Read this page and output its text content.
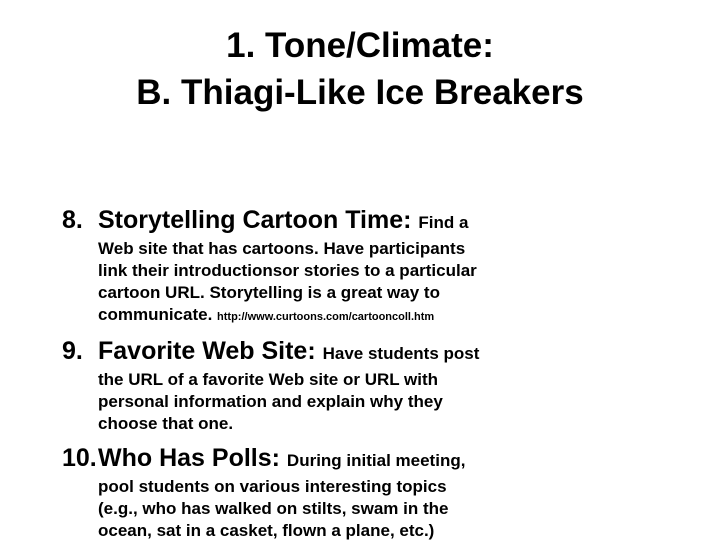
1. Tone/Climate:
B. Thiagi-Like Ice Breakers
8. Storytelling Cartoon Time: Find a
Web site that has cartoons. Have participants
link their introductionsor stories to a particular
cartoon URL. Storytelling is a great way to
communicate. http://www.curtoons.com/cartooncoll.htm
9. Favorite Web Site: Have students post
the URL of a favorite Web site or URL with
personal information and explain why they
choose that one.
10. Who Has Polls: During initial meeting,
pool students on various interesting topics
(e.g., who has walked on stilts, swam in the
ocean, sat in a casket, flown a plane, etc.)
